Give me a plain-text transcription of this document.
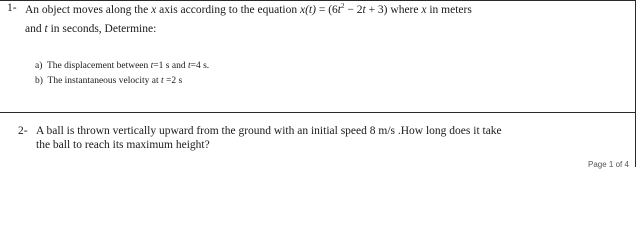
1- An object moves along the x axis according to the equation $x(t) = (6t^2 - 2t + 3)$ where x in meters
and t in seconds, Determine:
a) The displacement between t=1 s and t=4 s.
b) The instantaneous velocity at t =2 s
2- A ball is thrown vertically upward from the ground with an initial speed 8 m/s .How long does it take
the ball to reach its maximum height?
Page 1 of 4
